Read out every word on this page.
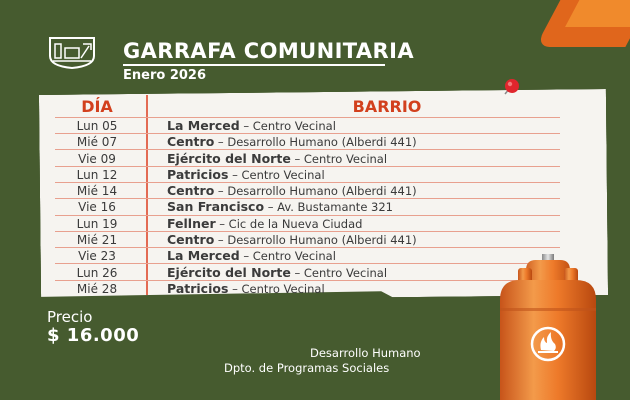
GARRAFA COMUNITARIA
Enero 2026
DÍA
Lun 05
Mié 07
Vie 09
Lun 12
Mié 14
Vie 16
Lun 19
Mié 21
Vie 23
Lun 26
Mié 28
BARRIO
La Merced – Centro Vecinal
Centro – Desarrollo Humano (Alberdi 441)
Ejército del Norte – Centro Vecinal
Patricios – Centro Vecinal
Centro – Desarrollo Humano (Alberdi 441)
San Francisco – Av. Bustamante 321
Fellner – Cic de la Nueva Ciudad
Centro – Desarrollo Humano (Alberdi 441)
La Merced – Centro Vecinal
Ejército del Norte – Centro Vecinal
Patricios – Centro Vecinal
Precio
$ 16.000
Desarrollo Humano
Dpto. de Programas Sociales
